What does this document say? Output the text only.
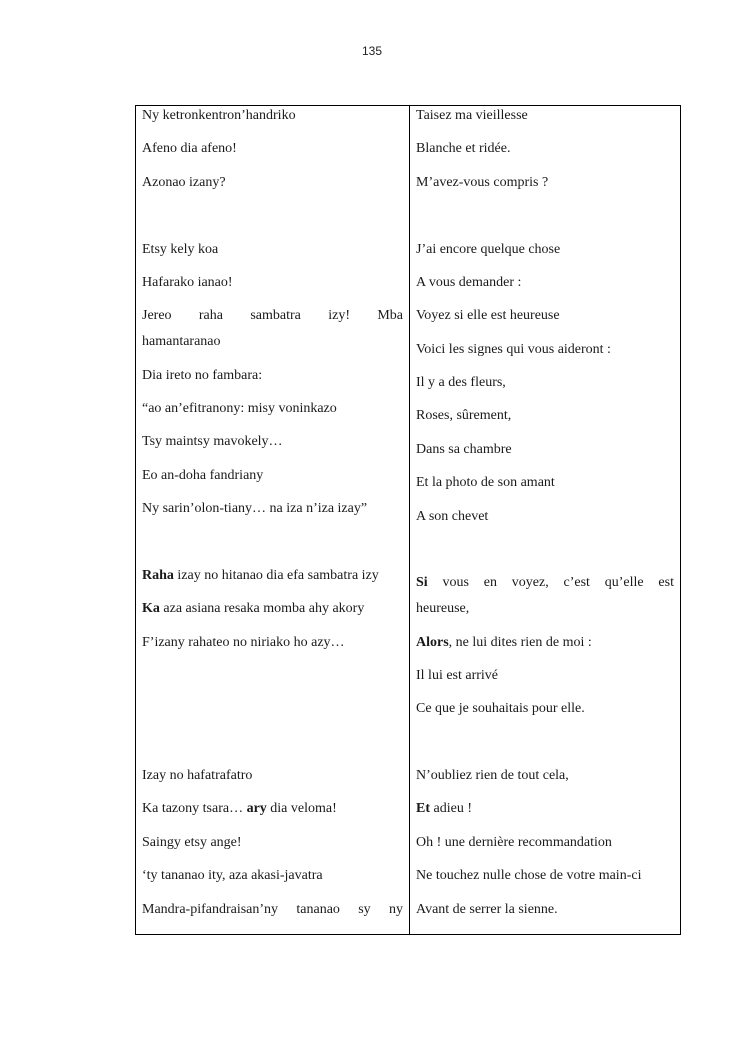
135
Ny ketronkentron’handriko
Afeno dia afeno!
Azonao izany?
Etsy kely koa
Hafarako ianao!
Jereo raha sambatra izy! Mba
hamantaranao
Dia ireto no fambara:
“ao an’efitranony: misy voninkazo
Tsy maintsy mavokely…
Eo an-doha fandriany
Ny sarin’olon-tiany… na iza n’iza izay”
Raha izay no hitanao dia efa sambatra izy
Ka aza asiana resaka momba ahy akory
F’izany rahateo no niriako ho azy…
Izay no hafatrafatro
Ka tazony tsara… ary dia veloma!
Saingy etsy ange!
‘ty tananao ity, aza akasi-javatra
Mandra-pifandraisan’ny tananao sy ny
Taisez ma vieillesse
Blanche et ridée.
M’avez-vous compris ?
J’ai encore quelque chose
A vous demander :
Voyez si elle est heureuse
Voici les signes qui vous aideront :
Il y a des fleurs,
Roses, sûrement,
Dans sa chambre
Et la photo de son amant
A son chevet
Si vous en voyez, c’est qu’elle est
heureuse,
Alors, ne lui dites rien de moi :
Il lui est arrivé
Ce que je souhaitais pour elle.
N’oubliez rien de tout cela,
Et adieu !
Oh ! une dernière recommandation
Ne touchez nulle chose de votre main-ci
Avant de serrer la sienne.
